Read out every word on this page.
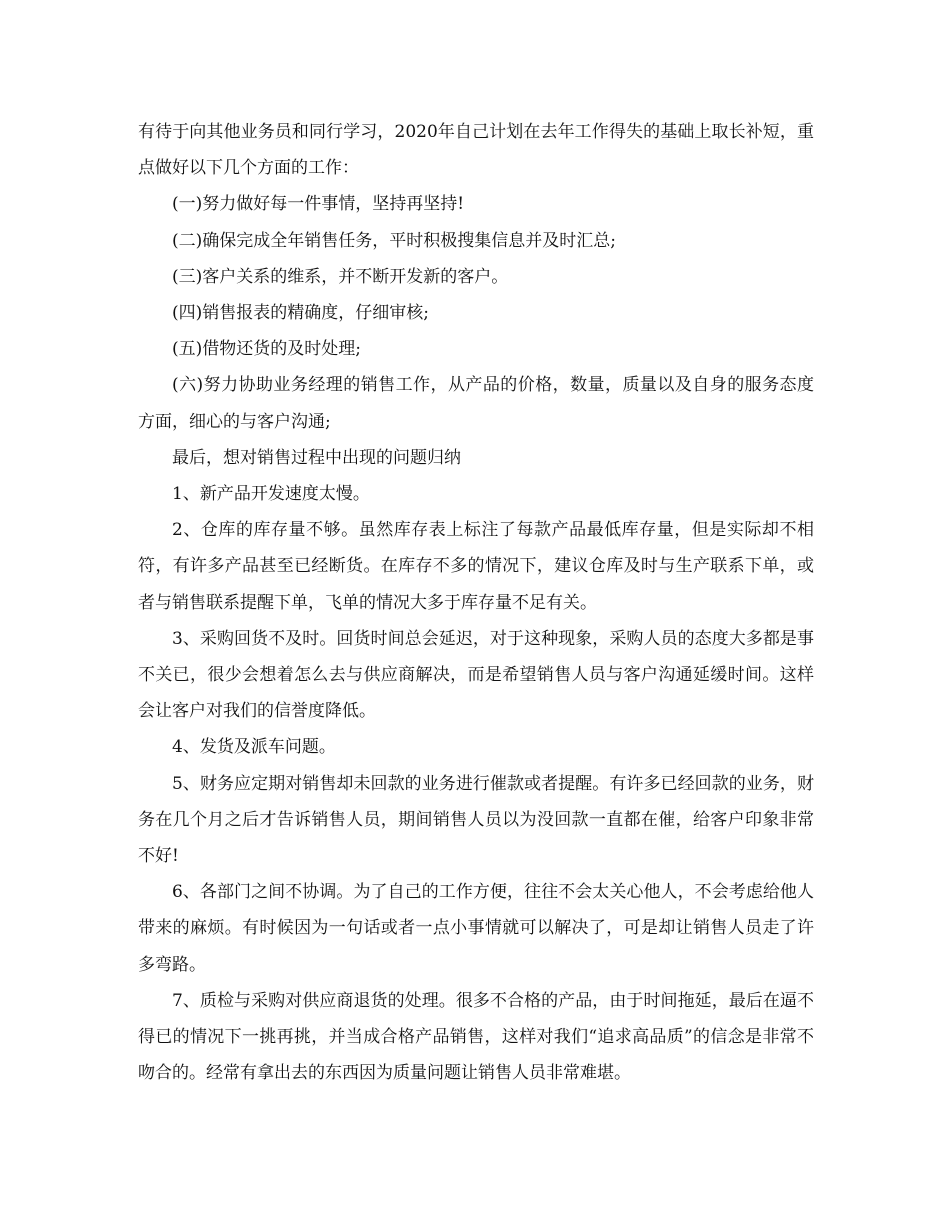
有待于向其他业务员和同行学习，2020年自己计划在去年工作得失的基础上取长补短，重点做好以下几个方面的工作：

(一)努力做好每一件事情，坚持再坚持!

(二)确保完成全年销售任务，平时积极搜集信息并及时汇总;

(三)客户关系的维系，并不断开发新的客户。

(四)销售报表的精确度，仔细审核;

(五)借物还货的及时处理;

(六)努力协助业务经理的销售工作，从产品的价格，数量，质量以及自身的服务态度方面，细心的与客户沟通;

最后，想对销售过程中出现的问题归纳

1、新产品开发速度太慢。

2、仓库的库存量不够。虽然库存表上标注了每款产品最低库存量，但是实际却不相符，有许多产品甚至已经断货。在库存不多的情况下，建议仓库及时与生产联系下单，或者与销售联系提醒下单，飞单的情况大多于库存量不足有关。

3、采购回货不及时。回货时间总会延迟，对于这种现象，采购人员的态度大多都是事不关已，很少会想着怎么去与供应商解决，而是希望销售人员与客户沟通延缓时间。这样会让客户对我们的信誉度降低。

4、发货及派车问题。

5、财务应定期对销售却未回款的业务进行催款或者提醒。有许多已经回款的业务，财务在几个月之后才告诉销售人员，期间销售人员以为没回款一直都在催，给客户印象非常不好!

6、各部门之间不协调。为了自己的工作方便，往往不会太关心他人，不会考虑给他人带来的麻烦。有时候因为一句话或者一点小事情就可以解决了，可是却让销售人员走了许多弯路。

7、质检与采购对供应商退货的处理。很多不合格的产品，由于时间拖延，最后在逼不得已的情况下一挑再挑，并当成合格产品销售，这样对我们“追求高品质”的信念是非常不吻合的。经常有拿出去的东西因为质量问题让销售人员非常难堪。
